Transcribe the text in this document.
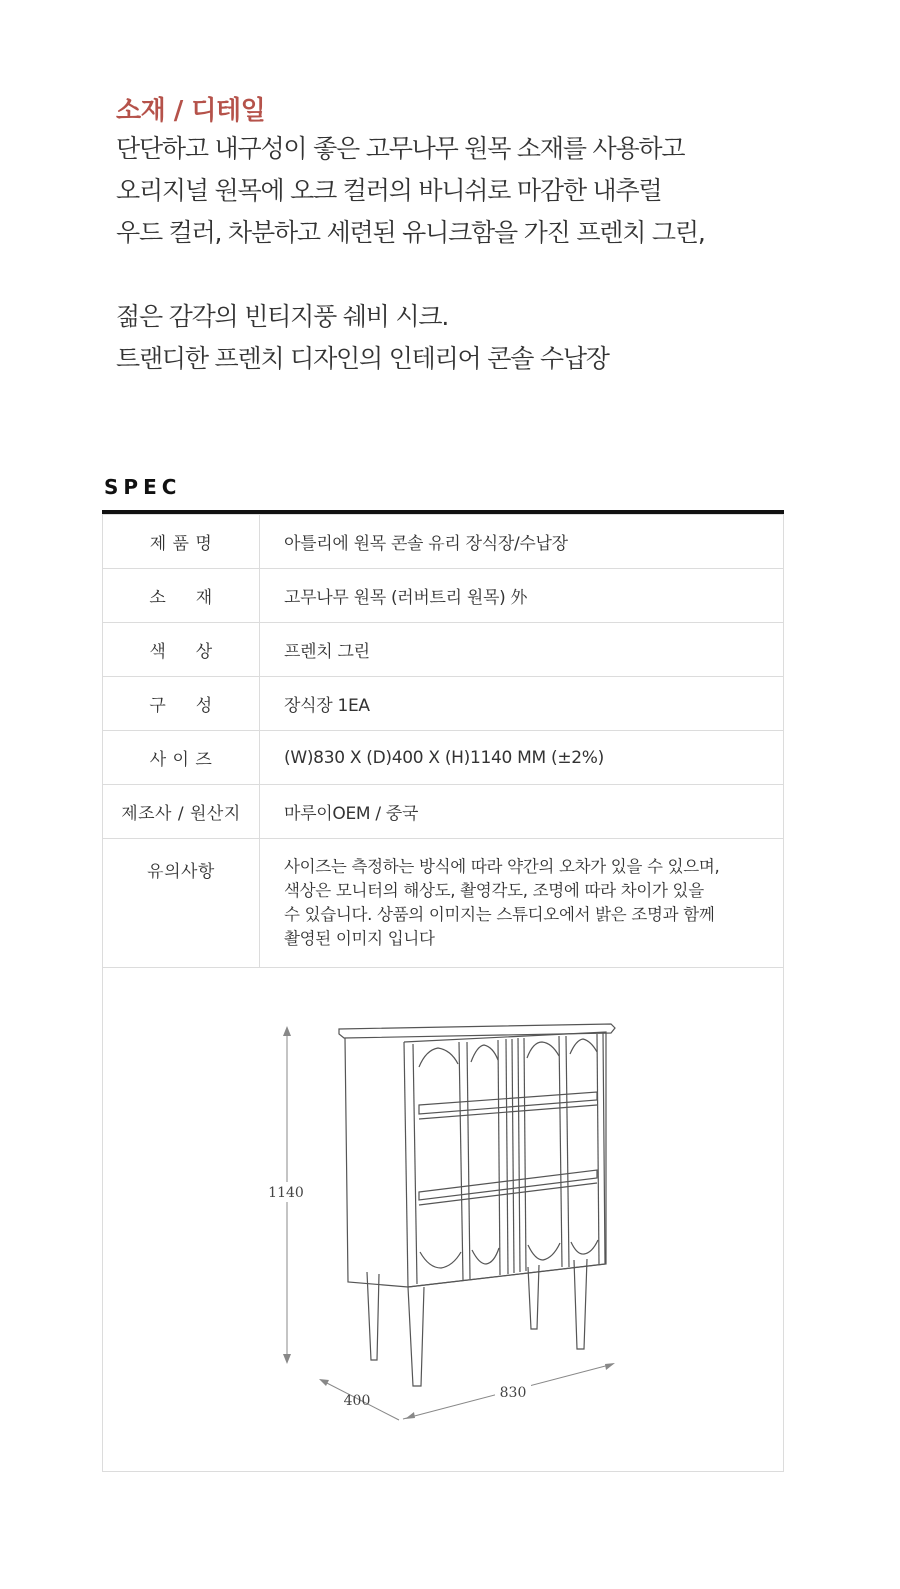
소재 / 디테일

단단하고 내구성이 좋은 고무나무 원목 소재를 사용하고

오리지널 원목에 오크 컬러의 바니쉬로 마감한 내추럴

우드 컬러, 차분하고 세련된 유니크함을 가진 프렌치 그린,

젊은 감각의 빈티지풍 쉐비 시크.

트랜디한 프렌치 디자인의 인테리어 콘솔 수납장

SPEC

제 품 명	아틀리에 원목 콘솔 유리 장식장/수납장
소     재	고무나무 원목 (러버트리 원목) 外
색     상	프렌치 그린
구     성	장식장 1EA
사 이 즈	(W)830 X (D)400 X (H)1140 MM (±2%)
제조사 / 원산지	마루이OEM / 중국
유의사항	사이즈는 측정하는 방식에 따라 약간의 오차가 있을 수 있으며,
색상은 모니터의 해상도, 촬영각도, 조명에 따라 차이가 있을
수 있습니다. 상품의 이미지는 스튜디오에서 밝은 조명과 함께
촬영된 이미지 입니다

1140
400 830	
